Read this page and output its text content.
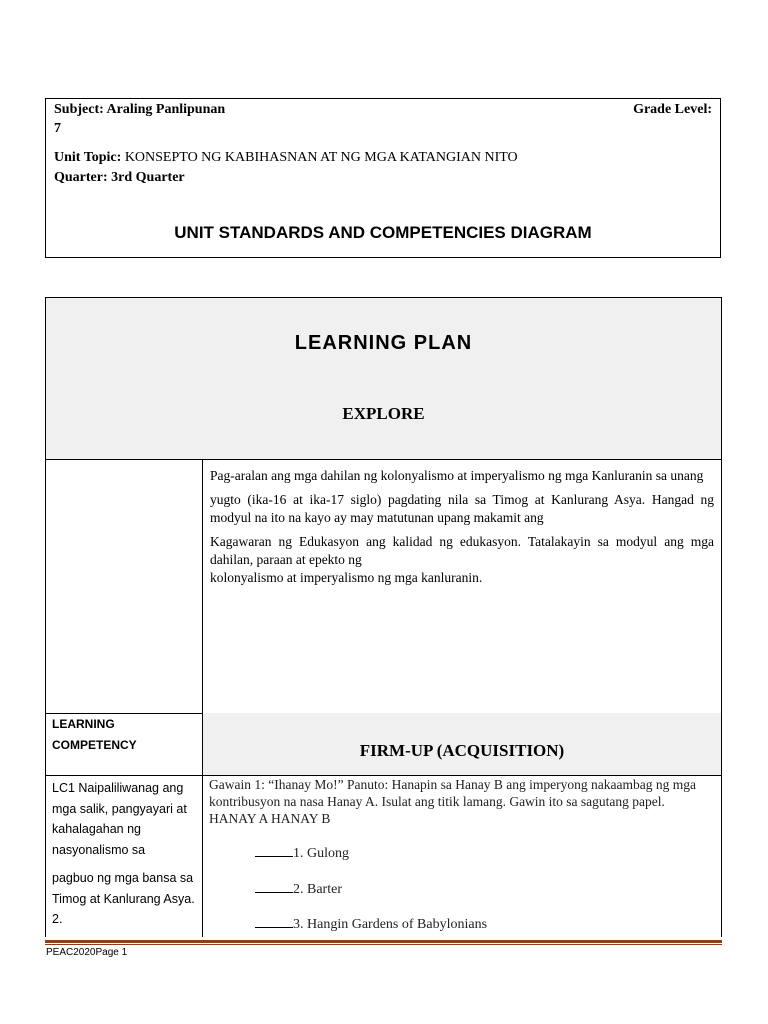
Subject: Araling Panlipunan	Grade Level:
7
Unit Topic: KONSEPTO NG KABIHASNAN AT NG MGA KATANGIAN NITO
Quarter: 3rd Quarter
UNIT STANDARDS AND COMPETENCIES DIAGRAM
LEARNING PLAN
EXPLORE

Pag-aralan ang mga dahilan ng kolonyalismo at imperyalismo ng mga Kanluranin sa unang

yugto (ika-16 at ika-17 siglo) pagdating nila sa Timog at Kanlurang Asya. Hangad ng modyul na ito na kayo ay may matutunan upang makamit ang

Kagawaran ng Edukasyon ang kalidad ng edukasyon. Tatalakayin sa modyul ang mga dahilan, paraan at epekto ng

kolonyalismo at imperyalismo ng mga kanluranin.

LEARNING COMPETENCY	FIRM-UP (ACQUISITION)

LC1 Naipaliliwanag ang mga salik, pangyayari at kahalagahan ng nasyonalismo sa

pagbuo ng mga bansa sa Timog at Kanlurang Asya. 2.

Gawain 1: “Ihanay Mo!” Panuto: Hanapin sa Hanay B ang imperyong nakaambag ng mga kontribusyon na nasa Hanay A. Isulat ang titik lamang. Gawin ito sa sagutang papel. HANAY A HANAY B
1. Gulong
2. Barter
3. Hangin Gardens of Babylonians
PEAC2020Page 1
